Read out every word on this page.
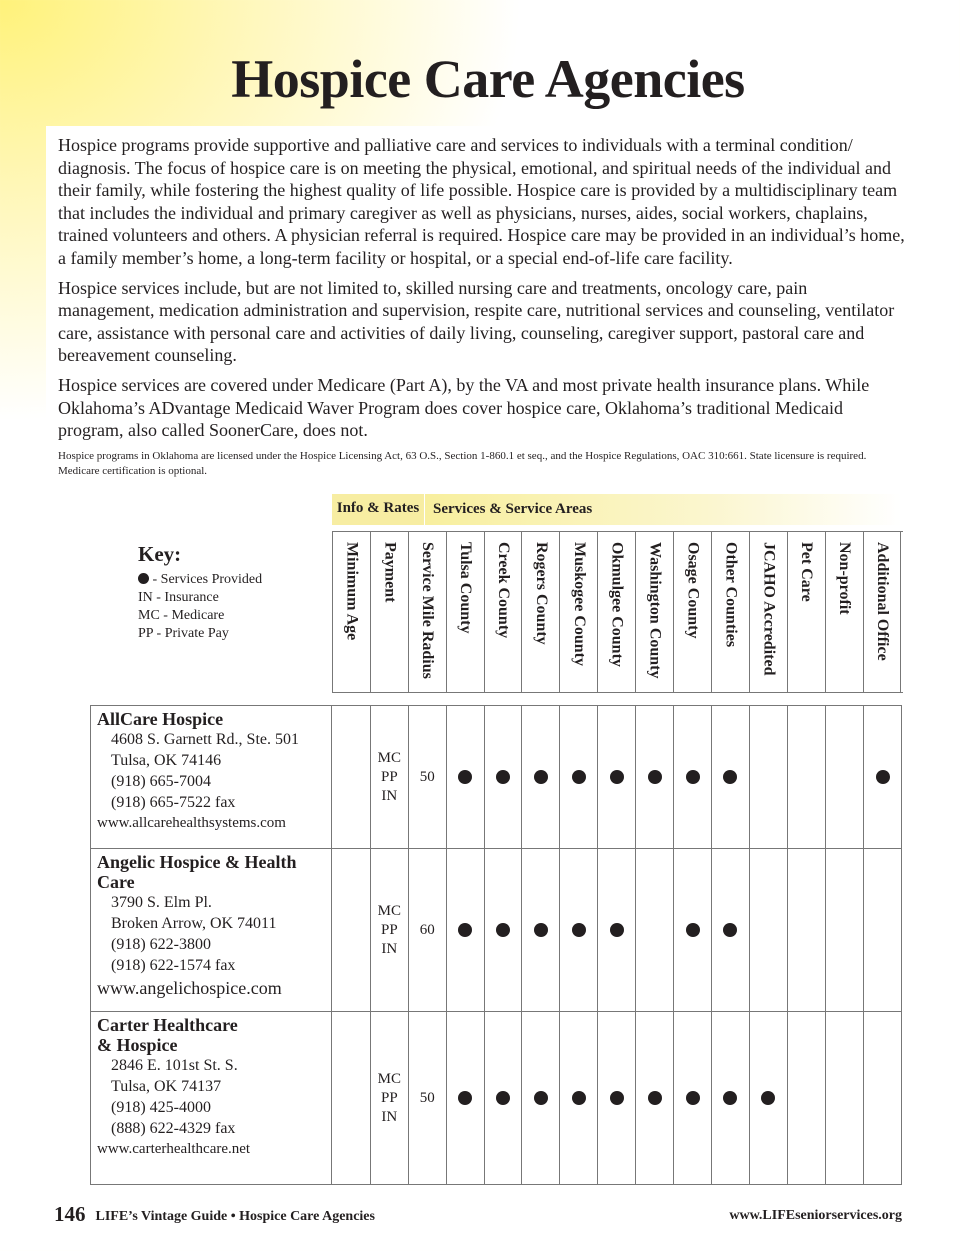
Hospice Care Agencies

Hospice programs provide supportive and palliative care and services to individuals with a terminal condition/ diagnosis. The focus of hospice care is on meeting the physical, emotional, and spiritual needs of the individual and their family, while fostering the highest quality of life possible. Hospice care is provided by a multidisciplinary team that includes the individual and primary caregiver as well as physicians, nurses, aides, social workers, chaplains, trained volunteers and others. A physician referral is required. Hospice care may be provided in an individual’s home, a family member’s home, a long-term facility or hospital, or a special end-of-life care facility.

Hospice services include, but are not limited to, skilled nursing care and treatments, oncology care, pain management, medication administration and supervision, respite care, nutritional services and counseling, ventilator care, assistance with personal care and activities of daily living, counseling, caregiver support, pastoral care and bereavement counseling.

Hospice services are covered under Medicare (Part A), by the VA and most private health insurance plans. While Oklahoma’s ADvantage Medicaid Waver Program does cover hospice care, Oklahoma’s traditional Medicaid program, also called SoonerCare, does not.

Hospice programs in Oklahoma are licensed under the Hospice Licensing Act, 63 O.S., Section 1-860.1 et seq., and the Hospice Regulations, OAC 310:661. State licensure is required. Medicare certification is optional.

Info & Rates Services & Service Areas
Key:
- Services Provided
IN - Insurance
MC - Medicare
PP - Private Pay	Minimum Age Payment Service Mile Radius Tulsa County Creek County Rogers County Muskogee County Okmulgee County Washington County Osage County Other Counties JCAHO Accredited Pet Care Non-profit Additional Office
AllCare Hospice
4608 S. Garnett Rd., Ste. 501
Tulsa, OK 74146
(918) 665-7004
(918) 665-7522 fax
www.allcarehealthsystems.com
MC
PP
IN
50
Angelic Hospice & Health Care
3790 S. Elm Pl.
Broken Arrow, OK 74011
(918) 622-3800
(918) 622-1574 fax
www.angelichospice.com
MC
PP
IN
60
Carter Healthcare
& Hospice
2846 E. 101st St. S.
Tulsa, OK 74137
(918) 425-4000
(888) 622-4329 fax
www.carterhealthcare.net
MC
PP
IN
50
146 LIFE’s Vintage Guide • Hospice Care Agencies	www.LIFEseniorservices.org
